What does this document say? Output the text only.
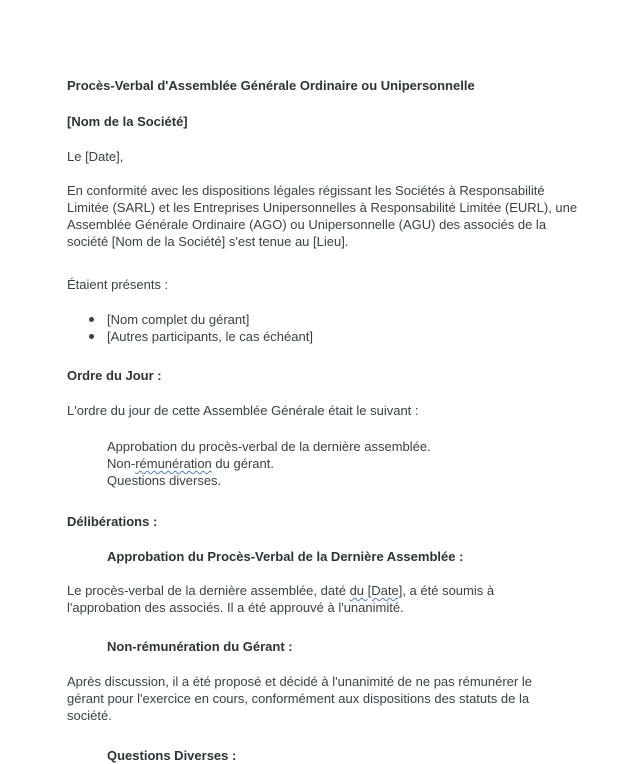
Procès-Verbal d'Assemblée Générale Ordinaire ou Unipersonnelle

[Nom de la Société]

Le [Date],

En conformité avec les dispositions légales régissant les Sociétés à Responsabilité Limitée (SARL) et les Entreprises Unipersonnelles à Responsabilité Limitée (EURL), une Assemblée Générale Ordinaire (AGO) ou Unipersonnelle (AGU) des associés de la société [Nom de la Société] s'est tenue au [Lieu].

Étaient présents :

[Nom complet du gérant]
[Autres participants, le cas échéant]

Ordre du Jour :

L'ordre du jour de cette Assemblée Générale était le suivant :

Approbation du procès-verbal de la dernière assemblée.
Non-rémunération du gérant.
Questions diverses.

Délibérations :

Approbation du Procès-Verbal de la Dernière Assemblée :

Le procès-verbal de la dernière assemblée, daté du [Date], a été soumis à l'approbation des associés. Il a été approuvé à l'unanimité.

Non-rémunération du Gérant :

Après discussion, il a été proposé et décidé à l'unanimité de ne pas rémunérer le gérant pour l'exercice en cours, conformément aux dispositions des statuts de la société.

Questions Diverses :
